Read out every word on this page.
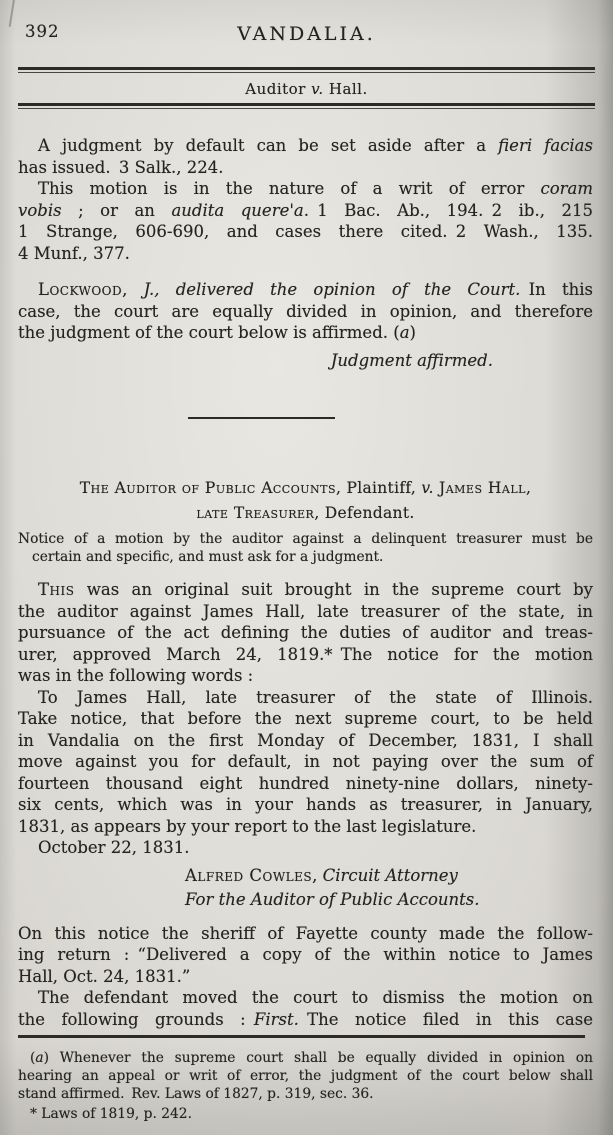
392	VANDALIA.
Auditor v. Hall.
A judgment by default can be set aside after a fieri facias
has issued. 3 Salk., 224.
This motion is in the nature of a writ of error coram
vobis ; or an audita quere'a. 1 Bac. Ab., 194. 2 ib., 215
1 Strange, 606-690, and cases there cited. 2 Wash., 135.
4 Munf., 377.
Lockwood, J., delivered the opinion of the Court. In this
case, the court are equally divided in opinion, and therefore
the judgment of the court below is affirmed. (a)
Judgment affirmed.
The Auditor of Public Accounts, Plaintiff, v. James Hall,
late Treasurer, Defendant.
Notice of a motion by the auditor against a delinquent treasurer must be
certain and specific, and must ask for a judgment.
This was an original suit brought in the supreme court by
the auditor against James Hall, late treasurer of the state, in
pursuance of the act defining the duties of auditor and treas-
urer, approved March 24, 1819.* The notice for the motion
was in the following words :
To James Hall, late treasurer of the state of Illinois.
Take notice, that before the next supreme court, to be held
in Vandalia on the first Monday of December, 1831, I shall
move against you for default, in not paying over the sum of
fourteen thousand eight hundred ninety-nine dollars, ninety-
six cents, which was in your hands as treasurer, in January,
1831, as appears by your report to the last legislature.
October 22, 1831.
Alfred Cowles, Circuit Attorney
For the Auditor of Public Accounts.
On this notice the sheriff of Fayette county made the follow-
ing return : “Delivered a copy of the within notice to James
Hall, Oct. 24, 1831.”
The defendant moved the court to dismiss the motion on
the following grounds : First. The notice filed in this case
(a) Whenever the supreme court shall be equally divided in opinion on
hearing an appeal or writ of error, the judgment of the court below shall
stand affirmed. Rev. Laws of 1827, p. 319, sec. 36.
* Laws of 1819, p. 242.
